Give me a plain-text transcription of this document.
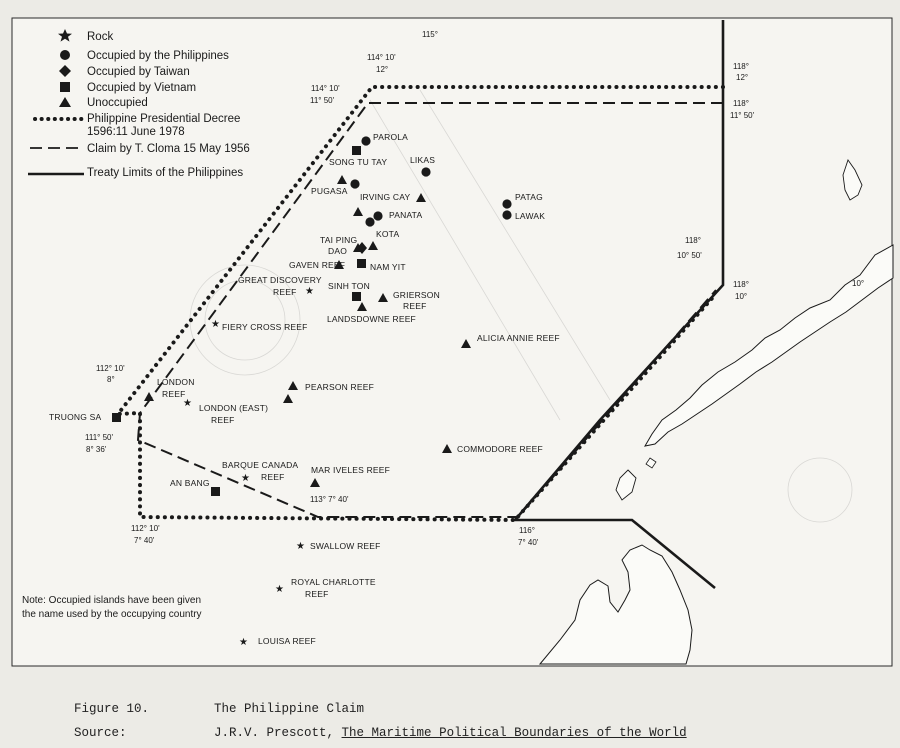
Rock
Occupied by the Philippines
Occupied by Taiwan
Occupied by Vietnam
Unoccupied
Philippine Presidential Decree
1596:11 June 1978
Claim by T. Cloma 15 May 1956
Treaty Limits of the Philippines
115°
114° 10'
12°
114° 10'
11° 50'
118°
12°
118°
11° 50'
118°
10° 50'
118°
10°
10°
112° 10'
8°
111° 50'
8° 36'
113° 7° 40'
112° 10'
7° 40'
116°
7° 40'
★
★
★
★
★
★
★
PAROLA
SONG TU TAY	LIKAS
PUGASA
IRVING CAY
PANATA
PATAG
LAWAK
KOTA
TAI PING
DAO
GAVEN REEF	NAM YIT
GREAT DISCOVERY
REEF
SINH TON
GRIERSON
REEF
LANDSDOWNE REEF
FIERY CROSS REEF
ALICIA ANNIE REEF
LONDON
REEF
PEARSON REEF
LONDON (EAST)
REEF
TRUONG SA
COMMODORE REEF
BARQUE CANADA
REEF
MAR IVELES REEF
AN BANG
SWALLOW REEF
ROYAL CHARLOTTE
REEF
LOUISA REEF
Note: Occupied islands have been given
the name used by the occupying country
Figure 10.	The Philippine Claim
Source:	J.R.V. Prescott, The Maritime Political Boundaries of the World
